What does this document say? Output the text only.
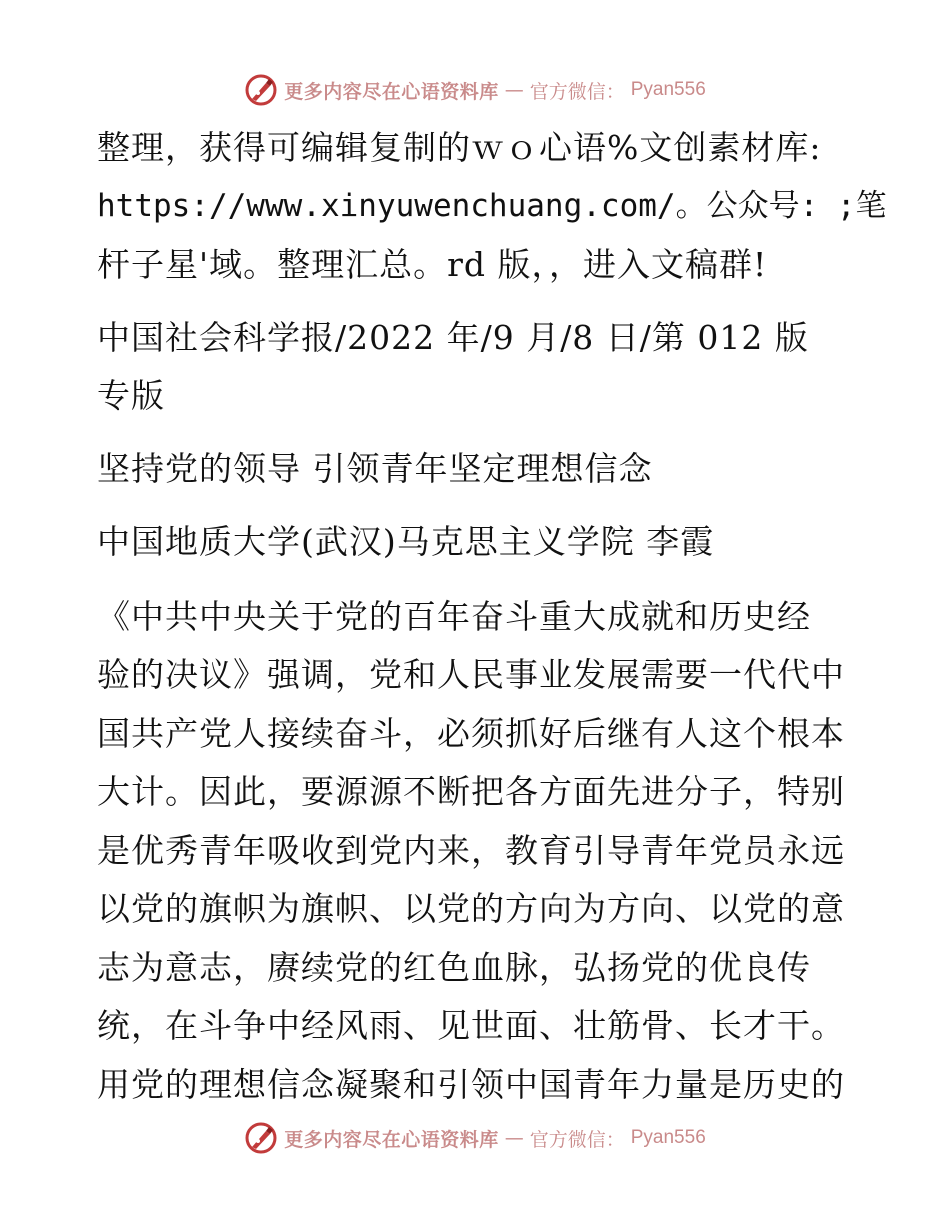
更多内容尽在心语资料库 — 官方微信： Pyan556
整理，获得可编辑复制的ｗｏ心语%文创素材库:
https://www.xinyuwenchuang.com/。公众号: ;笔
杆子星'域。整理汇总。rd 版，，进入文稿群!
中国社会科学报/2022 年/9 月/8 日/第 012 版
专版
坚持党的领导 引领青年坚定理想信念
中国地质大学(武汉)马克思主义学院 李霞
《中共中央关于党的百年奋斗重大成就和历史经
验的决议》强调，党和人民事业发展需要一代代中
国共产党人接续奋斗，必须抓好后继有人这个根本
大计。因此，要源源不断把各方面先进分子，特别
是优秀青年吸收到党内来，教育引导青年党员永远
以党的旗帜为旗帜、以党的方向为方向、以党的意
志为意志，赓续党的红色血脉，弘扬党的优良传
统，在斗争中经风雨、见世面、壮筋骨、长才干。
用党的理想信念凝聚和引领中国青年力量是历史的
更多内容尽在心语资料库 — 官方微信： Pyan556
